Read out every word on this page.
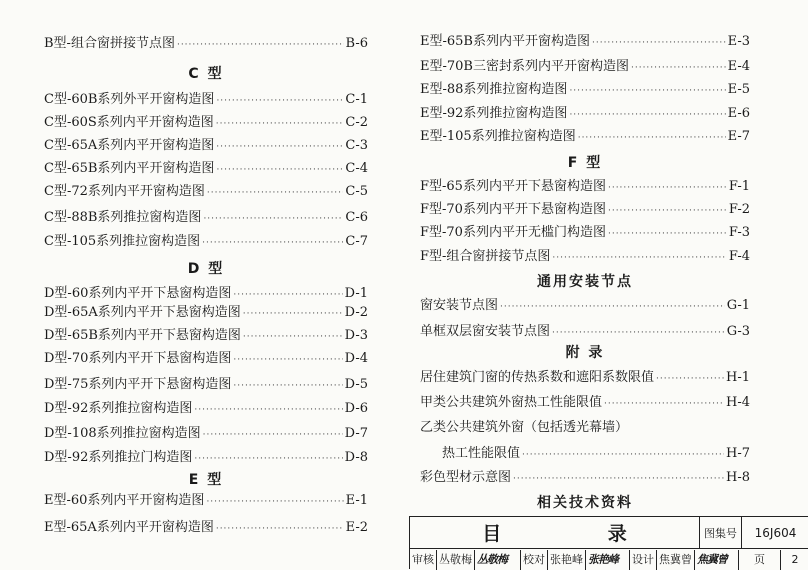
B型-组合窗拼接节点图 ·····	B-6
C 型
C型-60B系列外平开窗构造图 ·····	C-1
C型-60S系列内平开窗构造图 ·····	C-2
C型-65A系列内平开窗构造图 ·····	C-3
C型-65B系列内平开窗构造图 ·····	C-4
C型-72系列内平开窗构造图 ·····	C-5
C型-88B系列推拉窗构造图 ·····	C-6
C型-105系列推拉窗构造图 ·····	C-7
D 型
D型-60系列内平开下悬窗构造图 ·····	D-1
D型-65A系列内平开下悬窗构造图 ·····	D-2
D型-65B系列内平开下悬窗构造图 ·····	D-3
D型-70系列内平开下悬窗构造图 ·····	D-4
D型-75系列内平开下悬窗构造图 ·····	D-5
D型-92系列推拉窗构造图 ·····	D-6
D型-108系列推拉窗构造图 ·····	D-7
D型-92系列推拉门构造图 ·····	D-8
E 型
E型-60系列内平开窗构造图 ·····	E-1
E型-65A系列内平开窗构造图 ·····	E-2
E型-65B系列内平开窗构造图 ·····	E-3
E型-70B三密封系列内平开窗构造图 ·····	E-4
E型-88系列推拉窗构造图 ·····	E-5
E型-92系列推拉窗构造图 ·····	E-6
E型-105系列推拉窗构造图 ·····	E-7
F 型
F型-65系列内平开下悬窗构造图 ·····	F-1
F型-70系列内平开下悬窗构造图 ·····	F-2
F型-70系列内平开无槛门构造图 ·····	F-3
F型-组合窗拼接节点图 ·····	F-4
通用安装节点
窗安装节点图 ·····	G-1
单框双层窗安装节点图 ·····	G-3
附 录
居住建筑门窗的传热系数和遮阳系数限值 ·····	H-1
甲类公共建筑外窗热工性能限值 ·····	H-4
乙类公共建筑外窗（包括透光幕墙）
热工性能限值 ·····	H-7
彩色型材示意图 ·····	H-8
相关技术资料
目 录	图集号	16J604
审核 丛敬梅 丛敬梅	校对 张艳峰 张艳峰	设计 焦冀曾 焦冀曾	页	2
